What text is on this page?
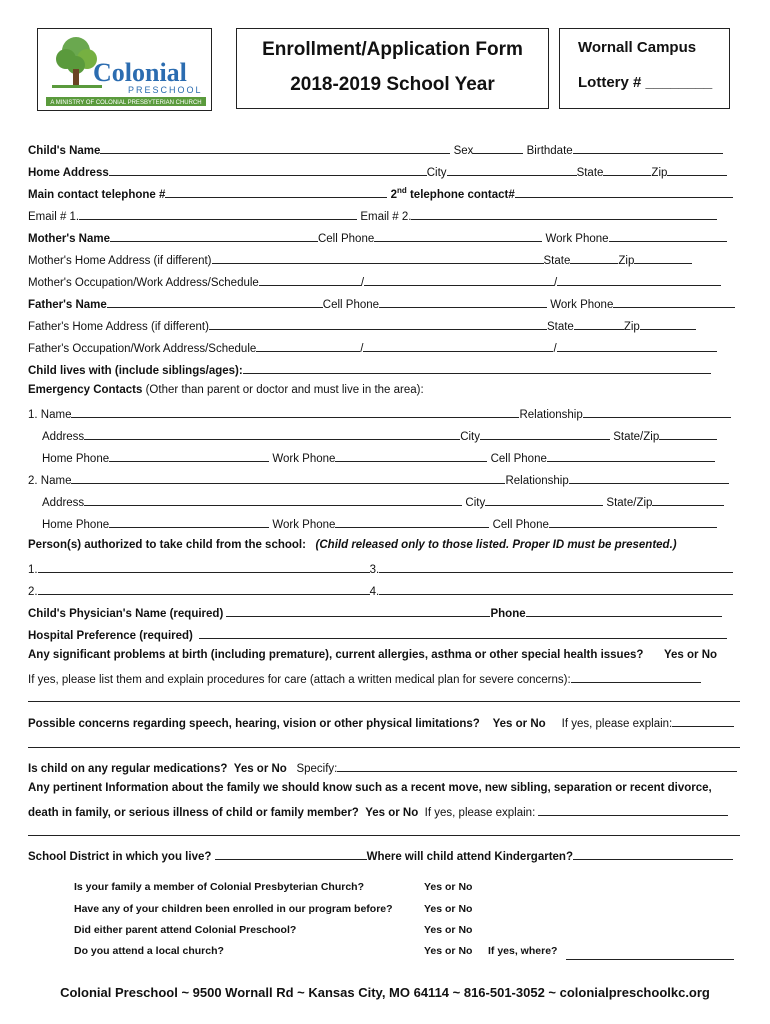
Colonial
PRESCHOOL
A MINISTRY OF COLONIAL PRESBYTERIAN CHURCH
Enrollment/Application Form
2018-2019 School Year
Wornall Campus
Lottery # ________
Child's Name	Sex	Birthdate
Home Address	City	State	Zip
Main contact telephone #	2nd telephone contact#
Email # 1.	Email # 2.
Mother's Name	Cell Phone	Work Phone
Mother's Home Address (if different)	State	Zip
Mother's Occupation/Work Address/Schedule	/	/
Father's Name	Cell Phone	Work Phone
Father's Home Address (if different)	State	Zip
Father's Occupation/Work Address/Schedule	/	/
Child lives with (include siblings/ages):
Emergency Contacts (Other than parent or doctor and must live in the area):
1. Name	Relationship
Address	City	State/Zip
Home Phone	Work Phone	Cell Phone
2. Name	Relationship
Address	City	State/Zip
Home Phone	Work Phone	Cell Phone
Person(s) authorized to take child from the school: (Child released only to those listed. Proper ID must be presented.)
1.	3.
2.	4.
Child's Physician's Name (required)	Phone
Hospital Preference (required)
Any significant problems at birth (including premature), current allergies, asthma or other special health issues? Yes or No
If yes, please list them and explain procedures for care (attach a written medical plan for severe concerns):
Possible concerns regarding speech, hearing, vision or other physical limitations? Yes or No If yes, please explain:
Is child on any regular medications? Yes or No Specify:
Any pertinent Information about the family we should know such as a recent move, new sibling, separation or recent divorce,
death in family, or serious illness of child or family member? Yes or No If yes, please explain:
School District in which you live?	Where will child attend Kindergarten?
Is your family a member of Colonial Presbyterian Church?	Yes or No
Have any of your children been enrolled in our program before?	Yes or No
Did either parent attend Colonial Preschool?	Yes or No
Do you attend a local church?	Yes or No If yes, where?
Colonial Preschool ~ 9500 Wornall Rd ~ Kansas City, MO 64114 ~ 816-501-3052 ~ colonialpreschoolkc.org
